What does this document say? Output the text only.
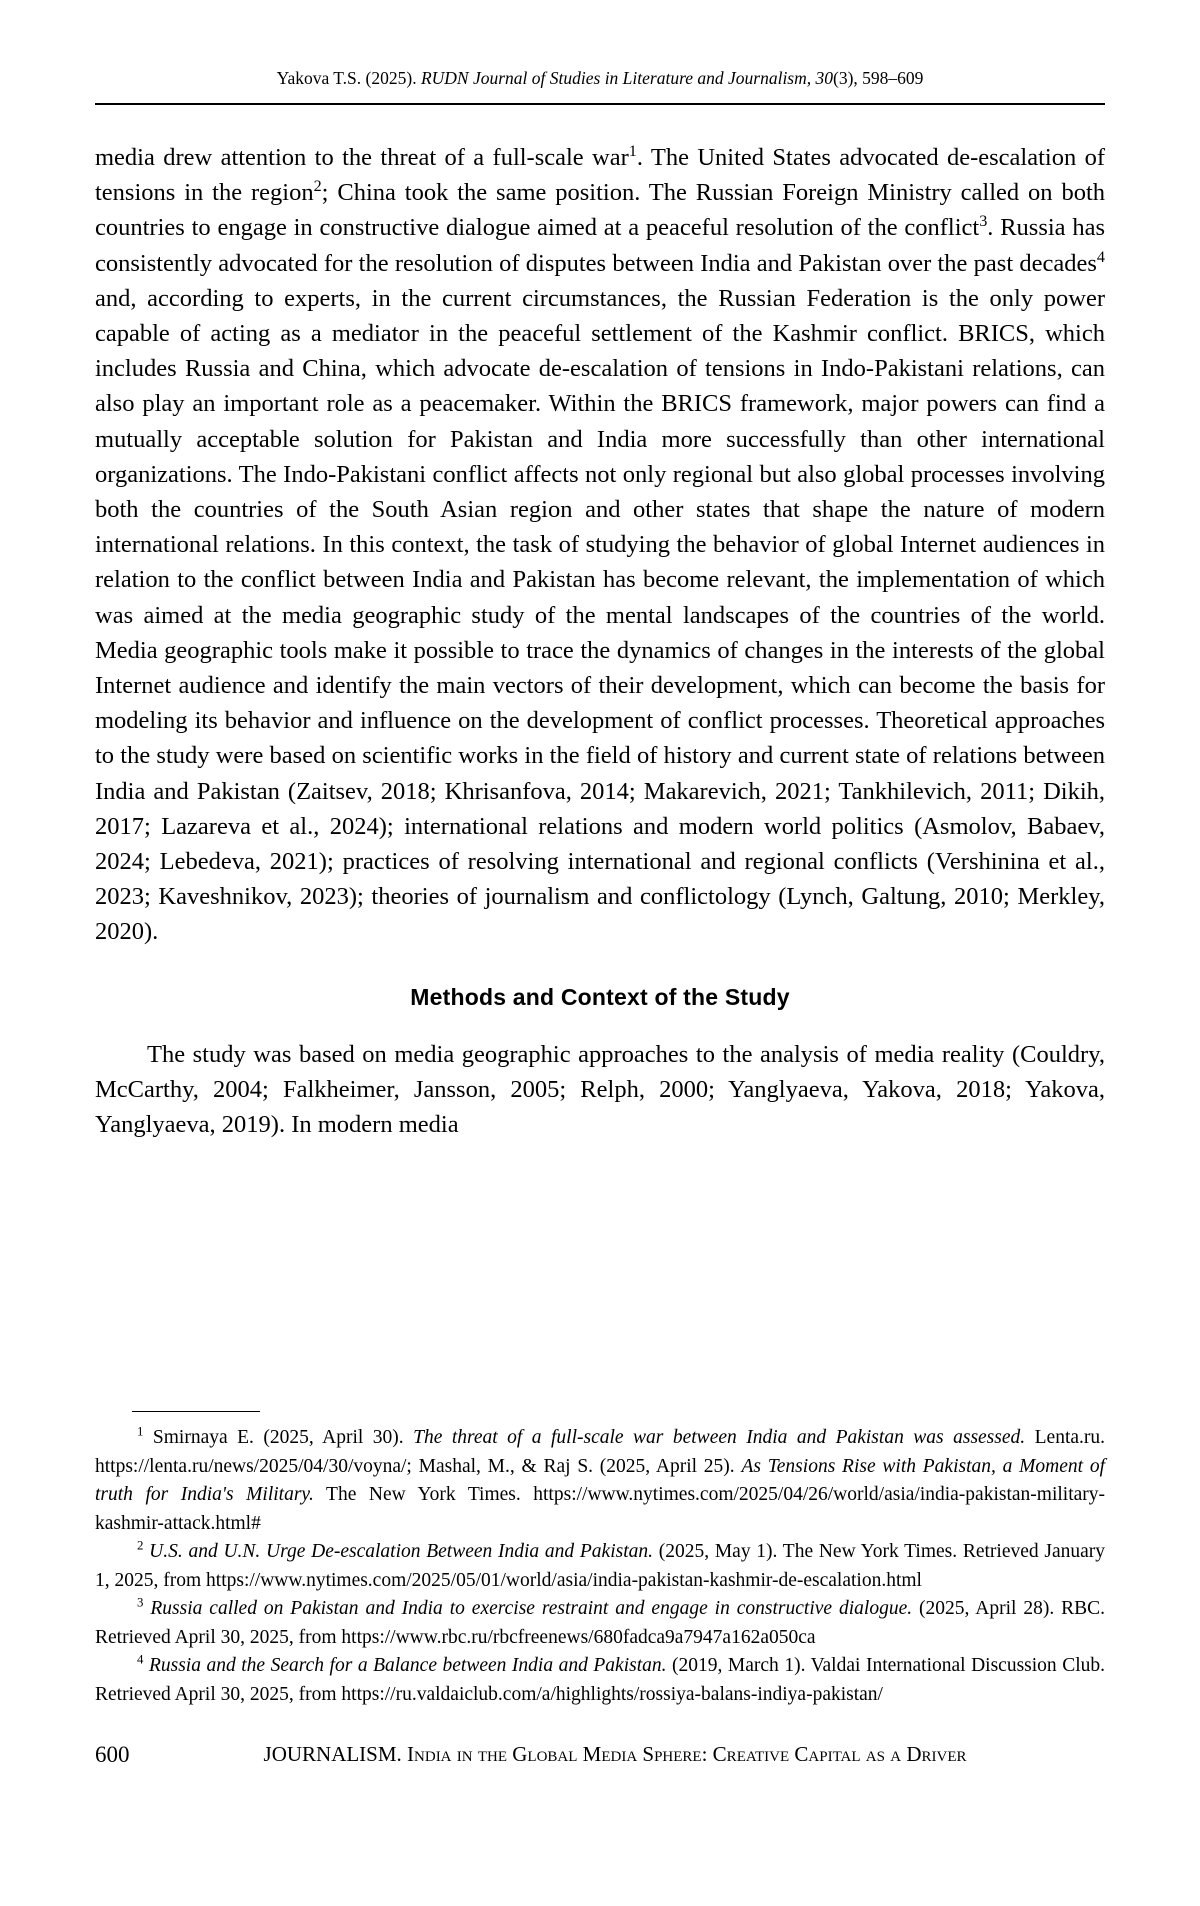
Yakova T.S. (2025). RUDN Journal of Studies in Literature and Journalism, 30(3), 598–609

media drew attention to the threat of a full-scale war$^1$. The United States advocated de-escalation of tensions in the region$^2$; China took the same position. The Russian Foreign Ministry called on both countries to engage in constructive dialogue aimed at a peaceful resolution of the conflict$^3$. Russia has consistently advocated for the resolution of disputes between India and Pakistan over the past decades$^4$ and, according to experts, in the current circumstances, the Russian Federation is the only power capable of acting as a mediator in the peaceful settlement of the Kashmir conflict. BRICS, which includes Russia and China, which advocate de-escalation of tensions in Indo-Pakistani relations, can also play an important role as a peacemaker. Within the BRICS framework, major powers can find a mutually acceptable solution for Pakistan and India more successfully than other international organizations. The Indo-Pakistani conflict affects not only regional but also global processes involving both the countries of the South Asian region and other states that shape the nature of modern international relations. In this context, the task of studying the behavior of global Internet audiences in relation to the conflict between India and Pakistan has become relevant, the implementation of which was aimed at the media geographic study of the mental landscapes of the countries of the world. Media geographic tools make it possible to trace the dynamics of changes in the interests of the global Internet audience and identify the main vectors of their development, which can become the basis for modeling its behavior and influence on the development of conflict processes. Theoretical approaches to the study were based on scientific works in the field of history and current state of relations between India and Pakistan (Zaitsev, 2018; Khrisanfova, 2014; Makarevich, 2021; Tankhilevich, 2011; Dikih, 2017; Lazareva et al., 2024); international relations and modern world politics (Asmolov, Babaev, 2024; Lebedeva, 2021); practices of resolving international and regional conflicts (Vershinina et al., 2023; Kaveshnikov, 2023); theories of journalism and conflictology (Lynch, Galtung, 2010; Merkley, 2020).

Methods and Context of the Study

The study was based on media geographic approaches to the analysis of media reality (Couldry, McCarthy, 2004; Falkheimer, Jansson, 2005; Relph, 2000; Yanglyaeva, Yakova, 2018; Yakova, Yanglyaeva, 2019). In modern media

$^1$ Smirnaya E. (2025, April 30). The threat of a full-scale war between India and Pakistan was assessed. Lenta.ru. https://lenta.ru/news/2025/04/30/voyna/; Mashal, M., & Raj S. (2025, April 25). As Tensions Rise with Pakistan, a Moment of truth for India's Military. The New York Times. https://www.nytimes.com/2025/04/26/world/asia/india-pakistan-military-kashmir-attack.html#

$^2$ U.S. and U.N. Urge De-escalation Between India and Pakistan. (2025, May 1). The New York Times. Retrieved January 1, 2025, from https://www.nytimes.com/2025/05/01/world/asia/india-pakistan-kashmir-de-escalation.html

$^3$ Russia called on Pakistan and India to exercise restraint and engage in constructive dialogue. (2025, April 28). RBC. Retrieved April 30, 2025, from https://www.rbc.ru/rbcfreenews/680fadca9a7947a162a050ca

$^4$ Russia and the Search for a Balance between India and Pakistan. (2019, March 1). Valdai International Discussion Club. Retrieved April 30, 2025, from https://ru.valdaiclub.com/a/highlights/rossiya-balans-indiya-pakistan/

600	JOURNALISM. India in the Global Media Sphere: Creative Capital as a Driver
